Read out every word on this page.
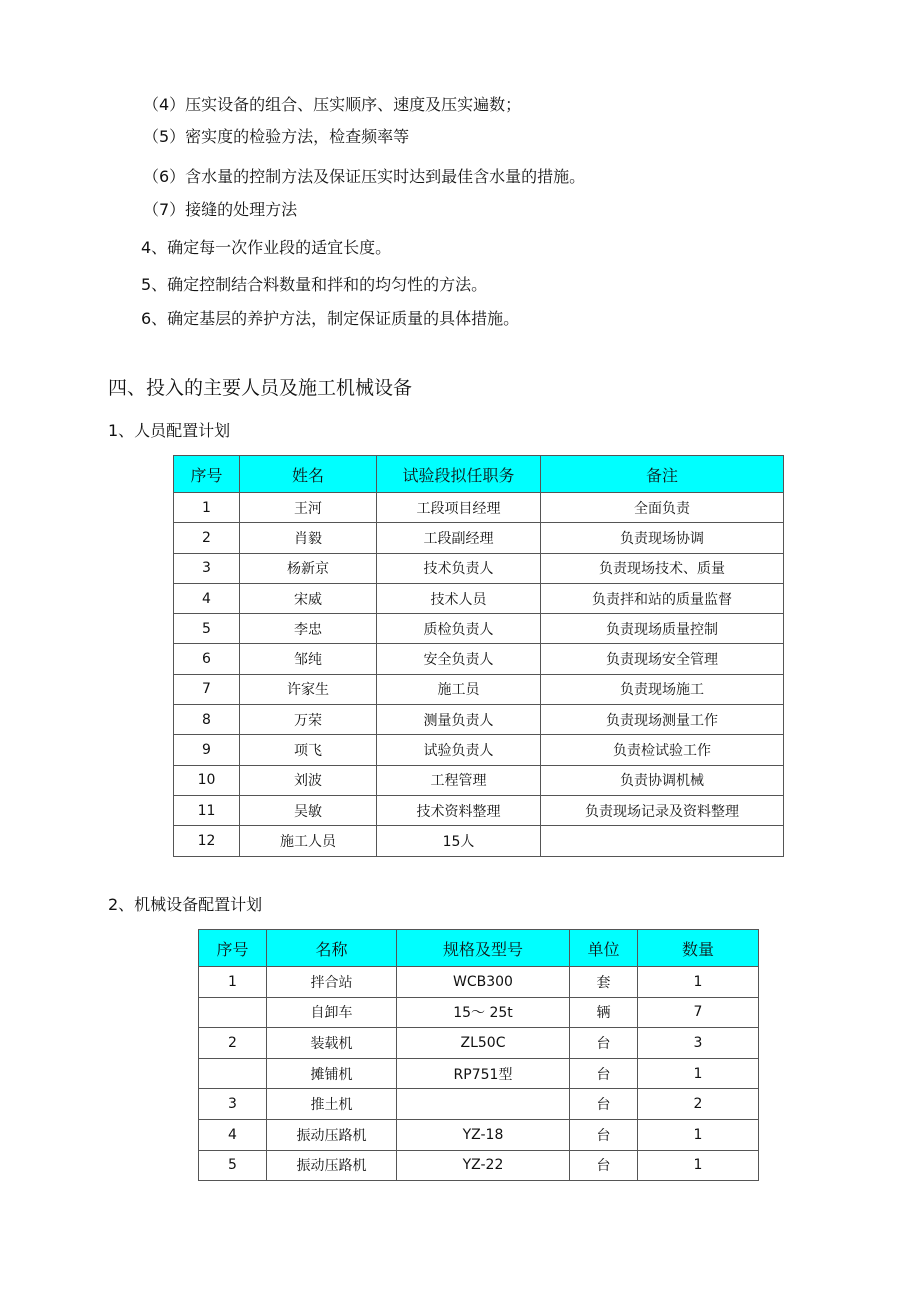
（4）压实设备的组合、压实顺序、速度及压实遍数；
（5）密实度的检验方法，检查频率等
（6）含水量的控制方法及保证压实时达到最佳含水量的措施。
（7）接缝的处理方法
4、确定每一次作业段的适宜长度。
5、确定控制结合料数量和拌和的均匀性的方法。
6、确定基层的养护方法，制定保证质量的具体措施。
四、投入的主要人员及施工机械设备
1、人员配置计划
序号	姓名	试验段拟任职务	备注
1	王河	工段项目经理	全面负责
2	肖毅	工段副经理	负责现场协调
3	杨新京	技术负责人	负责现场技术、质量
4	宋威	技术人员	负责拌和站的质量监督
5	李忠	质检负责人	负责现场质量控制
6	邹纯	安全负责人	负责现场安全管理
7	许家生	施工员	负责现场施工
8	万荣	测量负责人	负责现场测量工作
9	项飞	试验负责人	负责检试验工作
10	刘波	工程管理	负责协调机械
11	吴敏	技术资料整理	负责现场记录及资料整理
12	施工人员	15人	
2、机械设备配置计划
序号	名称	规格及型号	单位	数量
1	拌合站	WCB300	套	1
	自卸车	15～ 25t	辆	7
2	装载机	ZL50C	台	3
	摊铺机	RP751型	台	1
3	推土机		台	2
4	振动压路机	YZ-18	台	1
5	振动压路机	YZ-22	台	1
